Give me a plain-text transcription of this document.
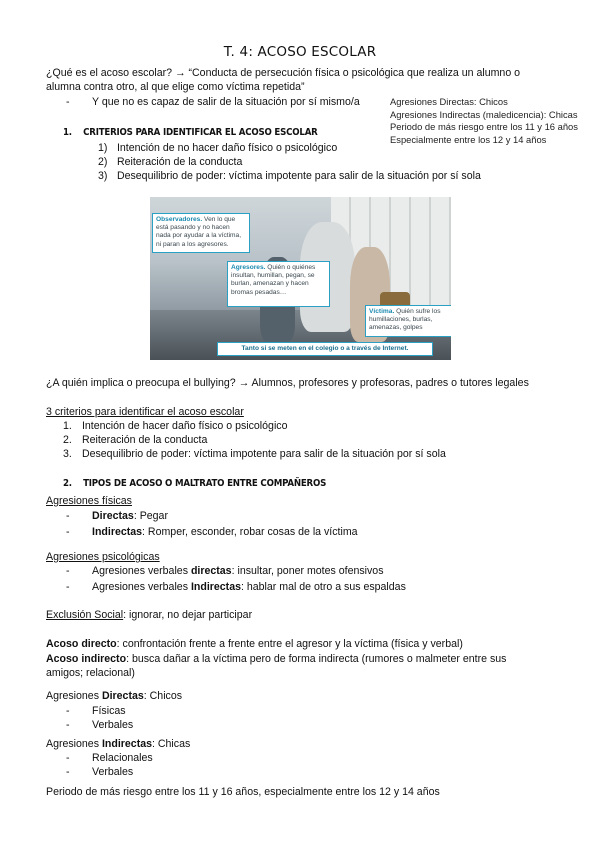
T. 4: ACOSO ESCOLAR
¿Qué es el acoso escolar? → “Conducta de persecución física o psicológica que realiza un alumno o
alumna contra otro, al que elige como víctima repetida”
- Y que no es capaz de salir de la situación por sí mismo/a	Agresiones Directas: Chicos
Agresiones Indirectas (maledicencia): Chicas
Periodo de más riesgo entre los 11 y 16 años
Especialmente entre los 12 y 14 años
1. CRITERIOS PARA IDENTIFICAR EL ACOSO ESCOLAR
1) Intención de no hacer daño físico o psicológico
2) Reiteración de la conducta
3) Desequilibrio de poder: víctima impotente para salir de la situación por sí sola
Observadores. Ven lo que está pasando y no hacen nada por ayudar a la víctima, ni paran a los agresores.
Agresores. Quién o quiénes insultan, humillan, pegan, se burlan, amenazan y hacen bromas pesadas…
Víctima. Quién sufre los humillaciones, burlas, amenazas, golpes
Tanto si se meten en el colegio o a través de Internet.
¿A quién implica o preocupa el bullying? → Alumnos, profesores y profesoras, padres o tutores legales
3 criterios para identificar el acoso escolar
1. Intención de hacer daño físico o psicológico
2. Reiteración de la conducta
3. Desequilibrio de poder: víctima impotente para salir de la situación por sí sola
2. TIPOS DE ACOSO O MALTRATO ENTRE COMPAÑEROS
Agresiones físicas
- Directas: Pegar
- Indirectas: Romper, esconder, robar cosas de la víctima
Agresiones psicológicas
- Agresiones verbales directas: insultar, poner motes ofensivos
- Agresiones verbales Indirectas: hablar mal de otro a sus espaldas
Exclusión Social: ignorar, no dejar participar
Acoso directo: confrontación frente a frente entre el agresor y la víctima (física y verbal)
Acoso indirecto: busca dañar a la víctima pero de forma indirecta (rumores o malmeter entre sus
amigos; relacional)
Agresiones Directas: Chicos
- Físicas
- Verbales
Agresiones Indirectas: Chicas
- Relacionales
- Verbales
Periodo de más riesgo entre los 11 y 16 años, especialmente entre los 12 y 14 años
